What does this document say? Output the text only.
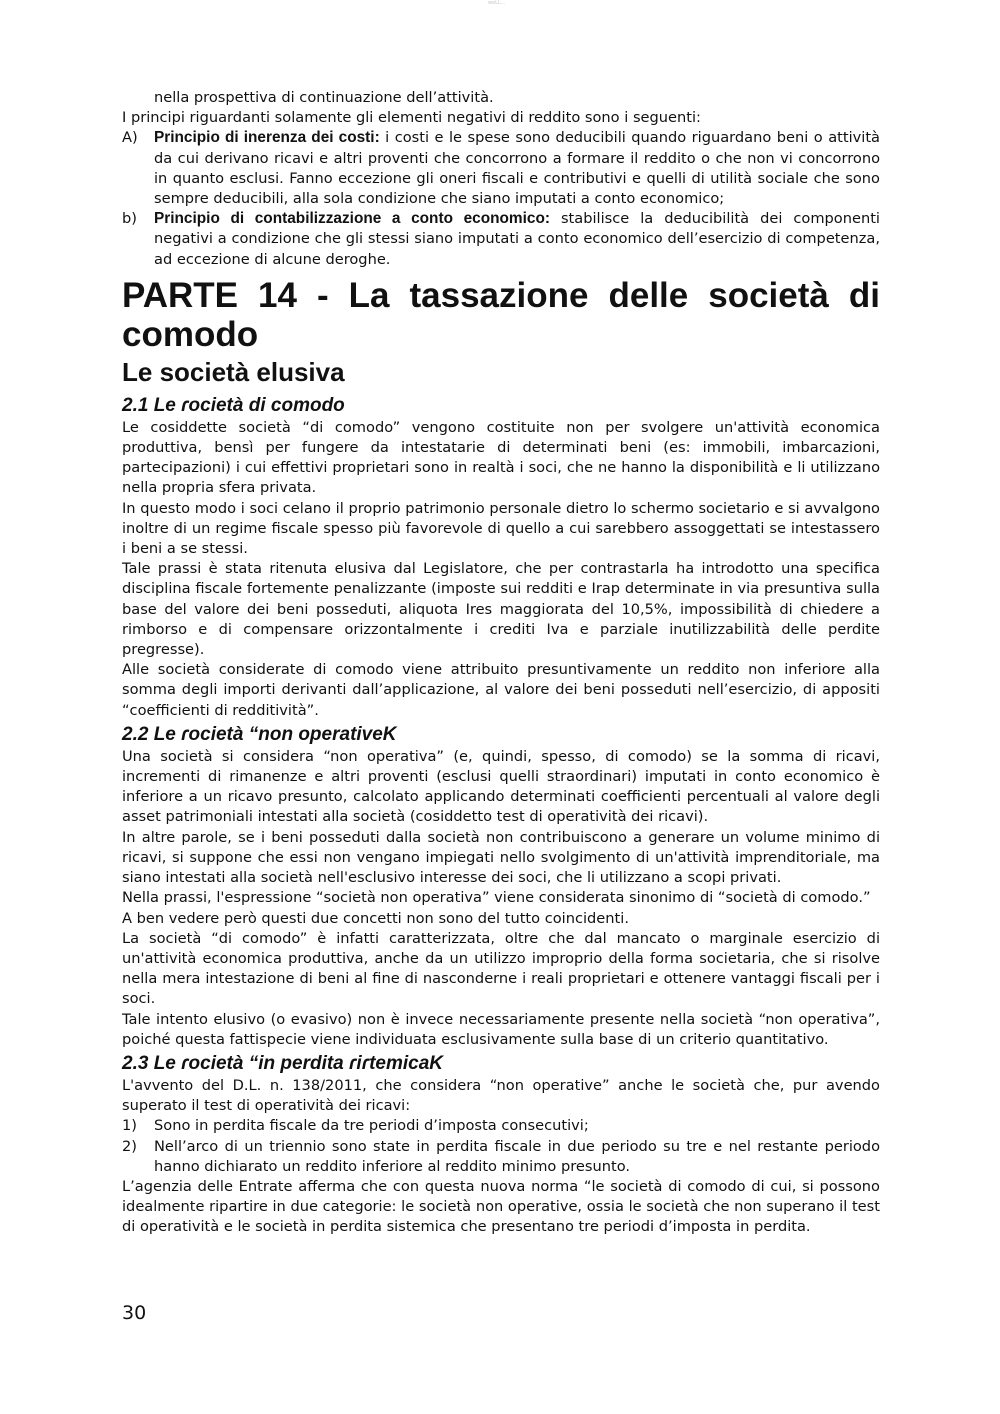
weLL...

nella prospettiva di continuazione dell’attività.

I principi riguardanti solamente gli elementi negativi di reddito sono i seguenti:

A) Principio di inerenza dei costi: i costi e le spese sono deducibili quando riguardano beni o attività da cui derivano ricavi e altri proventi che concorrono a formare il reddito o che non vi concorrono in quanto esclusi. Fanno eccezione gli oneri fiscali e contributivi e quelli di utilità sociale che sono sempre deducibili, alla sola condizione che siano imputati a conto economico;
b) Principio di contabilizzazione a conto economico: stabilisce la deducibilità dei componenti negativi a condizione che gli stessi siano imputati a conto economico dell’esercizio di competenza, ad eccezione di alcune deroghe.
PARTE 14 - La tassazione delle società di comodo
Le società elusiva
2.1 Le ɾocietà di comodo

Le cosiddette società “di comodo” vengono costituite non per svolgere un'attività economica produttiva, bensì per fungere da intestatarie di determinati beni (es: immobili, imbarcazioni, partecipazioni) i cui effettivi proprietari sono in realtà i soci, che ne hanno la disponibilità e li utilizzano nella propria sfera privata.

In questo modo i soci celano il proprio patrimonio personale dietro lo schermo societario e si avvalgono inoltre di un regime fiscale spesso più favorevole di quello a cui sarebbero assoggettati se intestassero i beni a se stessi.

Tale prassi è stata ritenuta elusiva dal Legislatore, che per contrastarla ha introdotto una specifica disciplina fiscale fortemente penalizzante (imposte sui redditi e Irap determinate in via presuntiva sulla base del valore dei beni posseduti, aliquota Ires maggiorata del 10,5%, impossibilità di chiedere a rimborso e di compensare orizzontalmente i crediti Iva e parziale inutilizzabilità delle perdite pregresse).

Alle società considerate di comodo viene attribuito presuntivamente un reddito non inferiore alla somma degli importi derivanti dall’applicazione, al valore dei beni posseduti nell’esercizio, di appositi “coefficienti di redditività”.

2.2 Le ɾocietà “non operativeK

Una società si considera “non operativa” (e, quindi, spesso, di comodo) se la somma di ricavi, incrementi di rimanenze e altri proventi (esclusi quelli straordinari) imputati in conto economico è inferiore a un ricavo presunto, calcolato applicando determinati coefficienti percentuali al valore degli asset patrimoniali intestati alla società (cosiddetto test di operatività dei ricavi).

In altre parole, se i beni posseduti dalla società non contribuiscono a generare un volume minimo di ricavi, si suppone che essi non vengano impiegati nello svolgimento di un'attività imprenditoriale, ma siano intestati alla società nell'esclusivo interesse dei soci, che li utilizzano a scopi privati.

Nella prassi, l'espressione “società non operativa” viene considerata sinonimo di “società di comodo.”

A ben vedere però questi due concetti non sono del tutto coincidenti.

La società “di comodo” è infatti caratterizzata, oltre che dal mancato o marginale esercizio di un'attività economica produttiva, anche da un utilizzo improprio della forma societaria, che si risolve nella mera intestazione di beni al fine di nasconderne i reali proprietari e ottenere vantaggi fiscali per i soci.

Tale intento elusivo (o evasivo) non è invece necessariamente presente nella società “non operativa”, poiché questa fattispecie viene individuata esclusivamente sulla base di un criterio quantitativo.

2.3 Le ɾocietà “in perdita ɾiɾtemicaK

L'avvento del D.L. n. 138/2011, che considera “non operative” anche le società che, pur avendo superato il test di operatività dei ricavi:

1) Sono in perdita fiscale da tre periodi d’imposta consecutivi;
2) Nell’arco di un triennio sono state in perdita fiscale in due periodo su tre e nel restante periodo hanno dichiarato un reddito inferiore al reddito minimo presunto.

L’agenzia delle Entrate afferma che con questa nuova norma “le società di comodo di cui, si possono idealmente ripartire in due categorie: le società non operative, ossia le società che non superano il test di operatività e le società in perdita sistemica che presentano tre periodi d’imposta in perdita.

30
